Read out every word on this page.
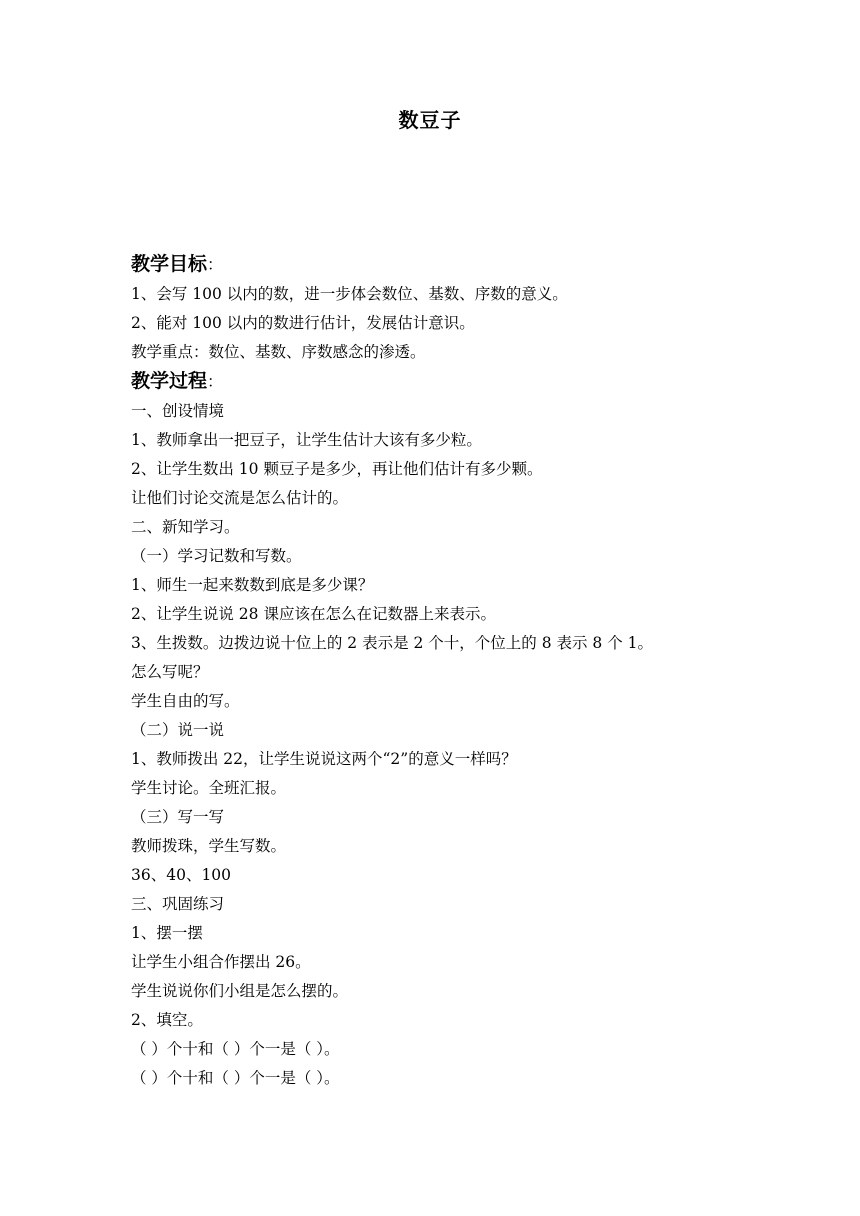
数豆子
教学目标：
1、会写 100 以内的数，进一步体会数位、基数、序数的意义。
2、能对 100 以内的数进行估计，发展估计意识。
教学重点：数位、基数、序数感念的渗透。
教学过程：
一、创设情境
1、教师拿出一把豆子，让学生估计大该有多少粒。
2、让学生数出 10 颗豆子是多少，再让他们估计有多少颗。
让他们讨论交流是怎么估计的。
二、新知学习。
（一）学习记数和写数。
1、师生一起来数数到底是多少课？
2、让学生说说 28 课应该在怎么在记数器上来表示。
3、生拨数。边拨边说十位上的 2 表示是 2 个十，个位上的 8 表示 8 个 1。
怎么写呢？
学生自由的写。
（二）说一说
1、教师拨出 22，让学生说说这两个“2”的意义一样吗？
学生讨论。全班汇报。
（三）写一写
教师拨珠，学生写数。
36、40、100
三、巩固练习
1、摆一摆
让学生小组合作摆出 26。
学生说说你们小组是怎么摆的。
2、填空。
（ ）个十和（ ）个一是（ ）。
（ ）个十和（ ）个一是（ ）。
